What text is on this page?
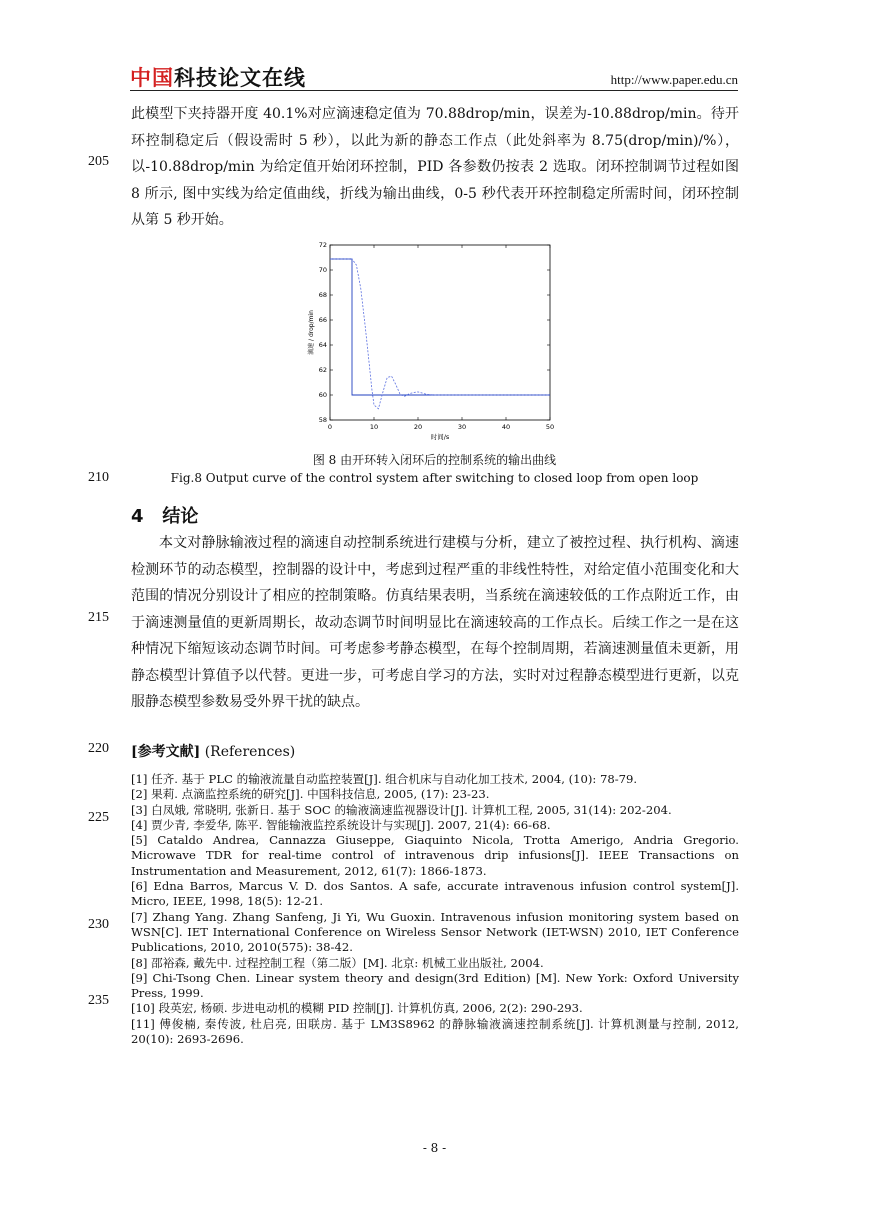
中国科技论文在线	http://www.paper.edu.cn
此模型下夹持器开度 40.1%对应滴速稳定值为 70.88drop/min，误差为-10.88drop/min。待开环控制稳定后（假设需时 5 秒），以此为新的静态工作点（此处斜率为 8.75(drop/min)/%），以-10.88drop/min 为给定值开始闭环控制，PID 各参数仍按表 2 选取。闭环控制调节过程如图 8 所示, 图中实线为给定值曲线，折线为输出曲线，0-5 秒代表开环控制稳定所需时间，闭环控制从第 5 秒开始。
205
0	10	20	30	40	50
58
60
62
64
66
68
70
72
时间/s
滴速 / drop/min
图 8 由开环转入闭环后的控制系统的输出曲线
Fig.8 Output curve of the control system after switching to closed loop from open loop
210
4 结论
本文对静脉输液过程的滴速自动控制系统进行建模与分析，建立了被控过程、执行机构、滴速检测环节的动态模型，控制器的设计中，考虑到过程严重的非线性特性，对给定值小范围变化和大范围的情况分别设计了相应的控制策略。仿真结果表明，当系统在滴速较低的工作点附近工作，由于滴速测量值的更新周期长，故动态调节时间明显比在滴速较高的工作点长。后续工作之一是在这种情况下缩短该动态调节时间。可考虑参考静态模型，在每个控制周期，若滴速测量值未更新，用静态模型计算值予以代替。更进一步，可考虑自学习的方法，实时对过程静态模型进行更新，以克服静态模型参数易受外界干扰的缺点。
215
[参考文献] (References)
220
[1] 任齐. 基于 PLC 的输液流量自动监控装置[J]. 组合机床与自动化加工技术, 2004, (10): 78-79.
[2] 果莉. 点滴监控系统的研究[J]. 中国科技信息, 2005, (17): 23-23.
[3] 白凤娥, 常晓明, 张新日. 基于 SOC 的输液滴速监视器设计[J]. 计算机工程, 2005, 31(14): 202-204.
[4] 贾少青, 李爱华, 陈平. 智能输液监控系统设计与实现[J]. 2007, 21(4): 66-68.
[5] Cataldo Andrea, Cannazza Giuseppe, Giaquinto Nicola, Trotta Amerigo, Andria Gregorio. Microwave TDR for real-time control of intravenous drip infusions[J]. IEEE Transactions on Instrumentation and Measurement, 2012, 61(7): 1866-1873.
[6] Edna Barros, Marcus V. D. dos Santos. A safe, accurate intravenous infusion control system[J]. Micro, IEEE, 1998, 18(5): 12-21.
[7] Zhang Yang. Zhang Sanfeng, Ji Yi, Wu Guoxin. Intravenous infusion monitoring system based on WSN[C]. IET International Conference on Wireless Sensor Network (IET-WSN) 2010, IET Conference Publications, 2010, 2010(575): 38-42.
[8] 邵裕森, 戴先中. 过程控制工程（第二版）[M]. 北京: 机械工业出版社, 2004.
[9] Chi-Tsong Chen. Linear system theory and design(3rd Edition) [M]. New York: Oxford University Press, 1999.
[10] 段英宏, 杨硕. 步进电动机的模糊 PID 控制[J]. 计算机仿真, 2006, 2(2): 290-293.
[11] 傅俊楠, 秦传波, 杜启亮, 田联房. 基于 LM3S8962 的静脉输液滴速控制系统[J]. 计算机测量与控制, 2012, 20(10): 2693-2696.
225
230
235
- 8 -
